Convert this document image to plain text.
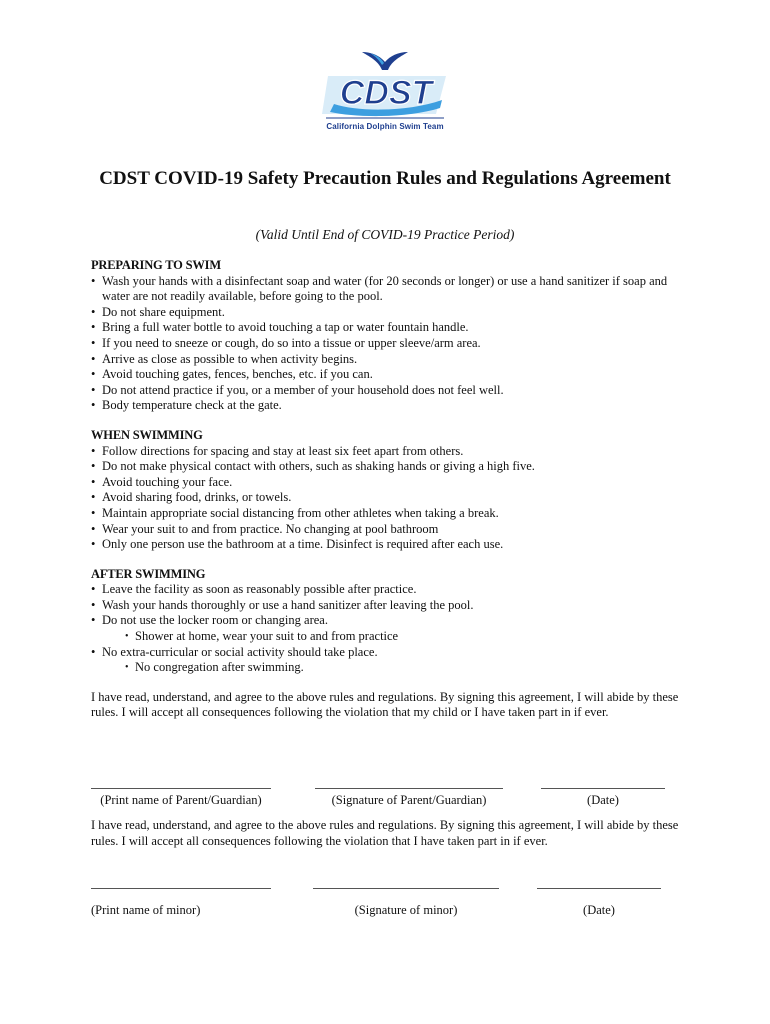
CDST
California Dolphin Swim Team
CDST COVID-19 Safety Precaution Rules and Regulations Agreement

(Valid Until End of COVID-19 Practice Period)

PREPARING TO SWIM

• Wash your hands with a disinfectant soap and water (for 20 seconds or longer) or use a hand sanitizer if soap and water are not readily available, before going to the pool.
• Do not share equipment.
• Bring a full water bottle to avoid touching a tap or water fountain handle.
• If you need to sneeze or cough, do so into a tissue or upper sleeve/arm area.
• Arrive as close as possible to when activity begins.
• Avoid touching gates, fences, benches, etc. if you can.
• Do not attend practice if you, or a member of your household does not feel well.
• Body temperature check at the gate.

WHEN SWIMMING

• Follow directions for spacing and stay at least six feet apart from others.
• Do not make physical contact with others, such as shaking hands or giving a high five.
• Avoid touching your face.
• Avoid sharing food, drinks, or towels.
• Maintain appropriate social distancing from other athletes when taking a break.
• Wear your suit to and from practice. No changing at pool bathroom
• Only one person use the bathroom at a time. Disinfect is required after each use.

AFTER SWIMMING

• Leave the facility as soon as reasonably possible after practice.
• Wash your hands thoroughly or use a hand sanitizer after leaving the pool.
• Do not use the locker room or changing area.
• Shower at home, wear your suit to and from practice
• No extra-curricular or social activity should take place.
• No congregation after swimming.

I have read, understand, and agree to the above rules and regulations. By signing this agreement, I will abide by these rules. I will accept all consequences following the violation that my child or I have taken part in if ever.

(Print name of Parent/Guardian)	(Signature of Parent/Guardian)	(Date)

I have read, understand, and agree to the above rules and regulations. By signing this agreement, I will abide by these rules. I will accept all consequences following the violation that I have taken part in if ever.

(Print name of minor)	(Signature of minor)	(Date)
